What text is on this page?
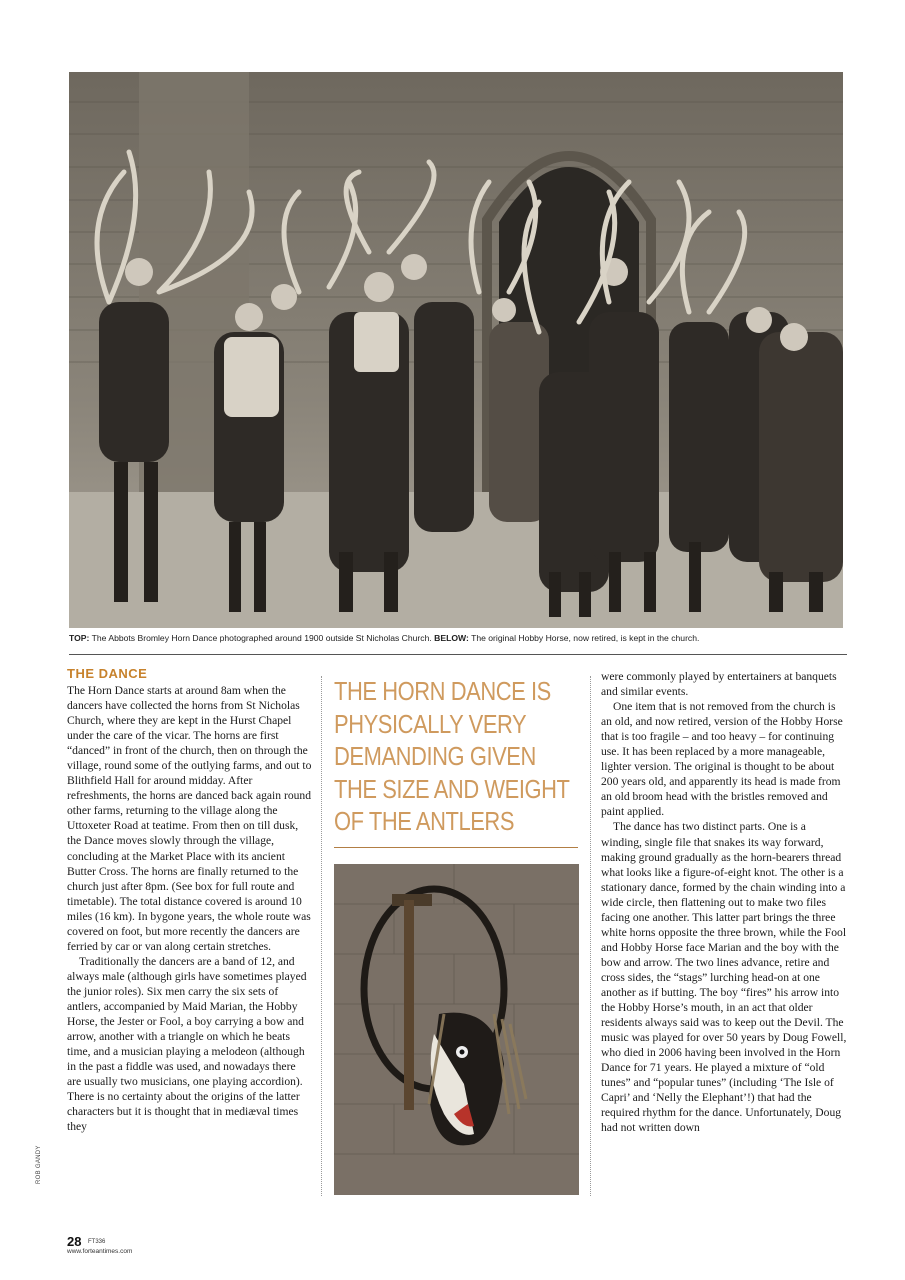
TOP: The Abbots Bromley Horn Dance photographed around 1900 outside St Nicholas Church. BELOW: The original Hobby Horse, now retired, is kept in the church.
THE DANCE

The Horn Dance starts at around 8am when the dancers have collected the horns from St Nicholas Church, where they are kept in the Hurst Chapel under the care of the vicar. The horns are first “danced” in front of the church, then on through the village, round some of the outlying farms, and out to Blithfield Hall for around midday. After refreshments, the horns are danced back again round other farms, returning to the village along the Uttoxeter Road at teatime. From then on till dusk, the Dance moves slowly through the village, concluding at the Market Place with its ancient Butter Cross. The horns are finally returned to the church just after 8pm. (See box for full route and timetable). The total distance covered is around 10 miles (16 km). In bygone years, the whole route was covered on foot, but more recently the dancers are ferried by car or van along certain stretches.

Traditionally the dancers are a band of 12, and always male (although girls have sometimes played the junior roles). Six men carry the six sets of antlers, accompanied by Maid Marian, the Hobby Horse, the Jester or Fool, a boy carrying a bow and arrow, another with a triangle on which he beats time, and a musician playing a melodeon (although in the past a fiddle was used, and nowadays there are usually two musicians, one playing accordion). There is no certainty about the origins of the latter characters but it is thought that in mediæval times they

THE HORN DANCE IS PHYSICALLY VERY DEMANDING GIVEN THE SIZE AND WEIGHT OF THE ANTLERS

were commonly played by entertainers at banquets and similar events.

One item that is not removed from the church is an old, and now retired, version of the Hobby Horse that is too fragile – and too heavy – for continuing use. It has been replaced by a more manageable, lighter version. The original is thought to be about 200 years old, and apparently its head is made from an old broom head with the bristles removed and paint applied.

The dance has two distinct parts. One is a winding, single file that snakes its way forward, making ground gradually as the horn-bearers thread what looks like a figure-of-eight knot. The other is a stationary dance, formed by the chain winding into a wide circle, then flattening out to make two files facing one another. This latter part brings the three white horns opposite the three brown, while the Fool and Hobby Horse face Marian and the boy with the bow and arrow. The two lines advance, retire and cross sides, the “stags” lurching head-on at one another as if butting. The boy “fires” his arrow into the Hobby Horse’s mouth, in an act that older residents always said was to keep out the Devil. The music was played for over 50 years by Doug Fowell, who died in 2006 having been involved in the Horn Dance for 71 years. He played a mixture of “old tunes” and “popular tunes” (including ‘The Isle of Capri’ and ‘Nelly the Elephant’!) that had the required rhythm for the dance. Unfortunately, Doug had not written down

ROB GANDY
28 FT336
www.forteantimes.com
